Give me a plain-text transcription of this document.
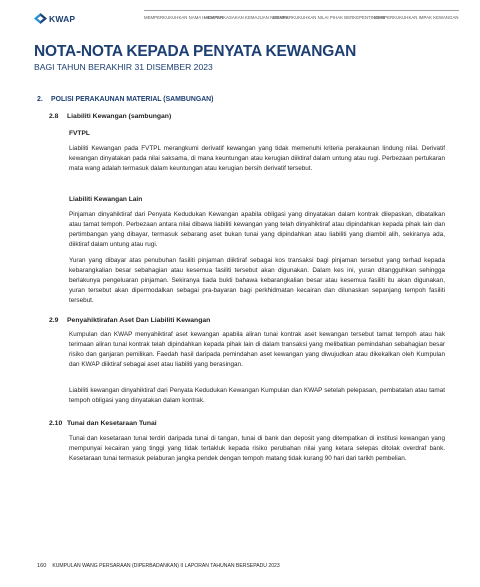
KWAP	MEMPERKUKUHKAN NAMA HADAPAN
MEMPERKASAKAN KEMAJUAN NEGARA
MEMPERKUKUHKAN NILAI PIHAK BERKEPENTINGAN
MEMPERKUKUHKAN IMPAK KEWANGAN
NOTA-NOTA KEPADA PENYATA KEWANGAN
BAGI TAHUN BERAKHIR 31 DISEMBER 2023
2. POLISI PERAKAUNAN MATERIAL (SAMBUNGAN)
2.8 Liabiliti Kewangan (sambungan)
FVTPL

Liabiliti Kewangan pada FVTPL merangkumi derivatif kewangan yang tidak memenuhi kriteria perakaunan lindung nilai. Derivatif kewangan dinyatakan pada nilai saksama, di mana keuntungan atau kerugian diiktiraf dalam untung atau rugi. Perbezaan pertukaran mata wang adalah termasuk dalam keuntungan atau kerugian bersih derivatif tersebut.

Liabiliti Kewangan Lain

Pinjaman dinyahiktiraf dari Penyata Kedudukan Kewangan apabila obligasi yang dinyatakan dalam kontrak dilepaskan, dibatalkan atau tamat tempoh. Perbezaan antara nilai dibawa liabiliti kewangan yang telah dinyahiktiraf atau dipindahkan kepada pihak lain dan pertimbangan yang dibayar, termasuk sebarang aset bukan tunai yang dipindahkan atau liabiliti yang diambil alih, sekiranya ada, diiktiraf dalam untung atau rugi.

Yuran yang dibayar atas penubuhan fasiliti pinjaman diiktiraf sebagai kos transaksi bagi pinjaman tersebut yang terhad kepada kebarangkalian besar sebahagian atau kesemua fasiliti tersebut akan digunakan. Dalam kes ini, yuran ditangguhkan sehingga berlakunya pengeluaran pinjaman. Sekiranya tiada bukti bahawa kebarangkalian besar atau kesemua fasiliti itu akan digunakan, yuran tersebut akan dipermodalkan sebagai pra-bayaran bagi perkhidmatan kecairan dan dilunaskan sepanjang tempoh fasiliti tersebut.

2.9 Penyahiktirafan Aset Dan Liabiliti Kewangan

Kumpulan dan KWAP menyahiktiraf aset kewangan apabila aliran tunai kontrak aset kewangan tersebut tamat tempoh atau hak terimaan aliran tunai kontrak telah dipindahkan kepada pihak lain di dalam transaksi yang melibatkan pemindahan sebahagian besar risiko dan ganjaran pemilikan. Faedah hasil daripada pemindahan aset kewangan yang diwujudkan atau dikekalkan oleh Kumpulan dan KWAP diiktiraf sebagai aset atau liabiliti yang berasingan.

Liabiliti kewangan dinyahiktiraf dari Penyata Kedudukan Kewangan Kumpulan dan KWAP setelah pelepasan, pembatalan atau tamat tempoh obligasi yang dinyatakan dalam kontrak.

2.10 Tunai dan Kesetaraan Tunai

Tunai dan kesetaraan tunai terdiri daripada tunai di tangan, tunai di bank dan deposit yang ditempatkan di institusi kewangan yang mempunyai kecairan yang tinggi yang tidak tertakluk kepada risiko perubahan nilai yang ketara selepas ditolak overdraf bank. Kesetaraan tunai termasuk pelaburan jangka pendek dengan tempoh matang tidak kurang 90 hari dari tarikh pembelian.

160 KUMPULAN WANG PERSARAAN (DIPERBADANKAN) II LAPORAN TAHUNAN BERSEPADU 2023
